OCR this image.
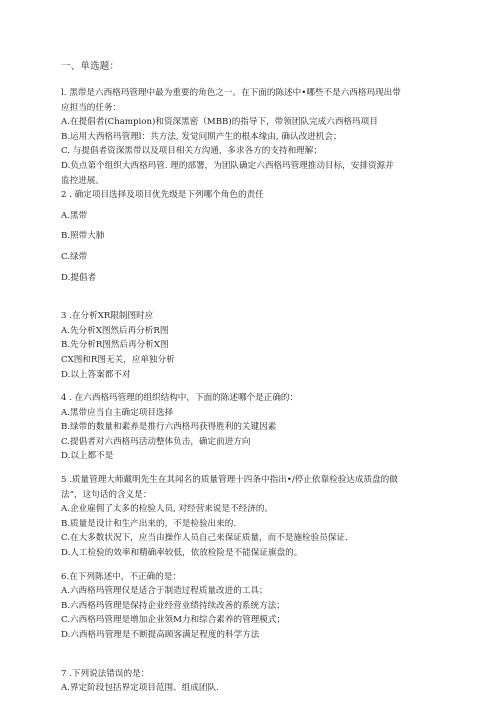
一、单选题：

l. 黑带是六西格玛管理中最为重要的角色之一。在下面的陈述中•哪些不是六西格玛现出带应担当的任务：

A.在提倡者(Champion)和资深黑密（MBB)的指导下，带领团队完成六西格玛项目

B.运用大西格玛管理l：共方法, 发觉问期产生的根本缘由, 确认改进机会；

C. 与提倡者资深黑带以及项目相关方沟通，多求各方的支持和理解；

D.负点第个组织大西格玛管. 理的部署，为团队确定六西格玛管理推动目标，安排资源并监控进展。

2 . 确定项目选择及项目优先级是下列哪个角色的责任

A.黑带

B.照带大肺

C.绿带

D.提倡者

3 .在分析XR限制图时应

A.先分析X图然后再分析R图

B.先分析R图然后再分析X图

CX图和R图无关，应单独分析

D.以上答案都不对

4 . 在六西格玛管理的组织结构中，下面的陈述哪个是正确的：

A.黑带应当自主确定项目选择

B.绿带的数量和素养是推行六西格玛获得胜利的关键因素

C.提倡者对六西格玛活动整体负击，确定前进方向

D.以上都不是

5 .质量管理大师戴明先生在其闻名的质量管理十四条中指出•/停止依靠检验达成质盘的做法“，这句话的含义是：

A.企业雇佣了太多的检验人员, 对经营来说是不经济的。

B.质量是设计和生产出来的，不是检验出来的.

C.在大多数状况下，应当由操作人员自己来保证质量，而不是施检验员保证.

D.人工检验的效率和精确率较低，依放检险是不能保证旗盘的。

6.在下列陈述中，不正确的是：

A.六西格玛管理仅是适合于制造过程质量改进的工具；

B.六西格玛管理是保持企业经营业绩持续改善的系统方法；

C.六西格玛管理是增加企业领M力和综合素养的管理模式；

D.六西格玛管理是不断提高顾客满足程度的科学方法

7 .下列说法错误的是：

A.界定阶段包括界定项目范围、组成团队.
